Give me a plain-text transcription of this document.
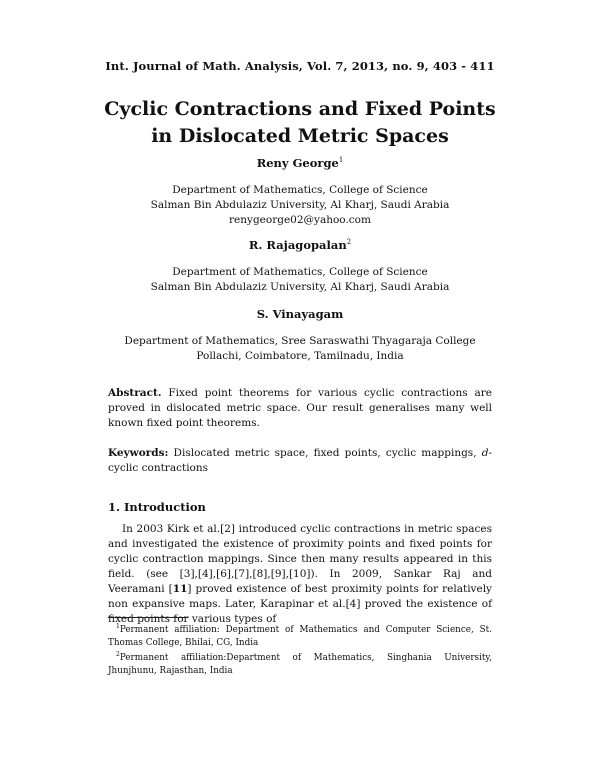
Int. Journal of Math. Analysis, Vol. 7, 2013, no. 9, 403 - 411
Cyclic Contractions and Fixed Points
in Dislocated Metric Spaces
Reny George$^1$
Department of Mathematics, College of Science
Salman Bin Abdulaziz University, Al Kharj, Saudi Arabia
renygeorge02@yahoo.com
R. Rajagopalan$^2$
Department of Mathematics, College of Science
Salman Bin Abdulaziz University, Al Kharj, Saudi Arabia
S. Vinayagam
Department of Mathematics, Sree Saraswathi Thyagaraja College
Pollachi, Coimbatore, Tamilnadu, India
Abstract. Fixed point theorems for various cyclic contractions are proved in dislocated metric space. Our result generalises many well known fixed point theorems.
Keywords: Dislocated metric space, fixed points, cyclic mappings, d-cyclic contractions
1. Introduction
In 2003 Kirk et al.[2] introduced cyclic contractions in metric spaces and investigated the existence of proximity points and fixed points for cyclic contraction mappings. Since then many results appeared in this field. (see [3],[4],[6],[7],[8],[9],[10]). In 2009, Sankar Raj and Veeramani [11] proved existence of best proximity points for relatively non expansive maps. Later, Karapinar et al.[4] proved the existence of fixed points for various types of
$^1$Permanent affiliation: Department of Mathematics and Computer Science, St. Thomas College, Bhilai, CG, India
$^2$Permanent affiliation:Department of Mathematics, Singhania University, Jhunjhunu, Rajasthan, India
